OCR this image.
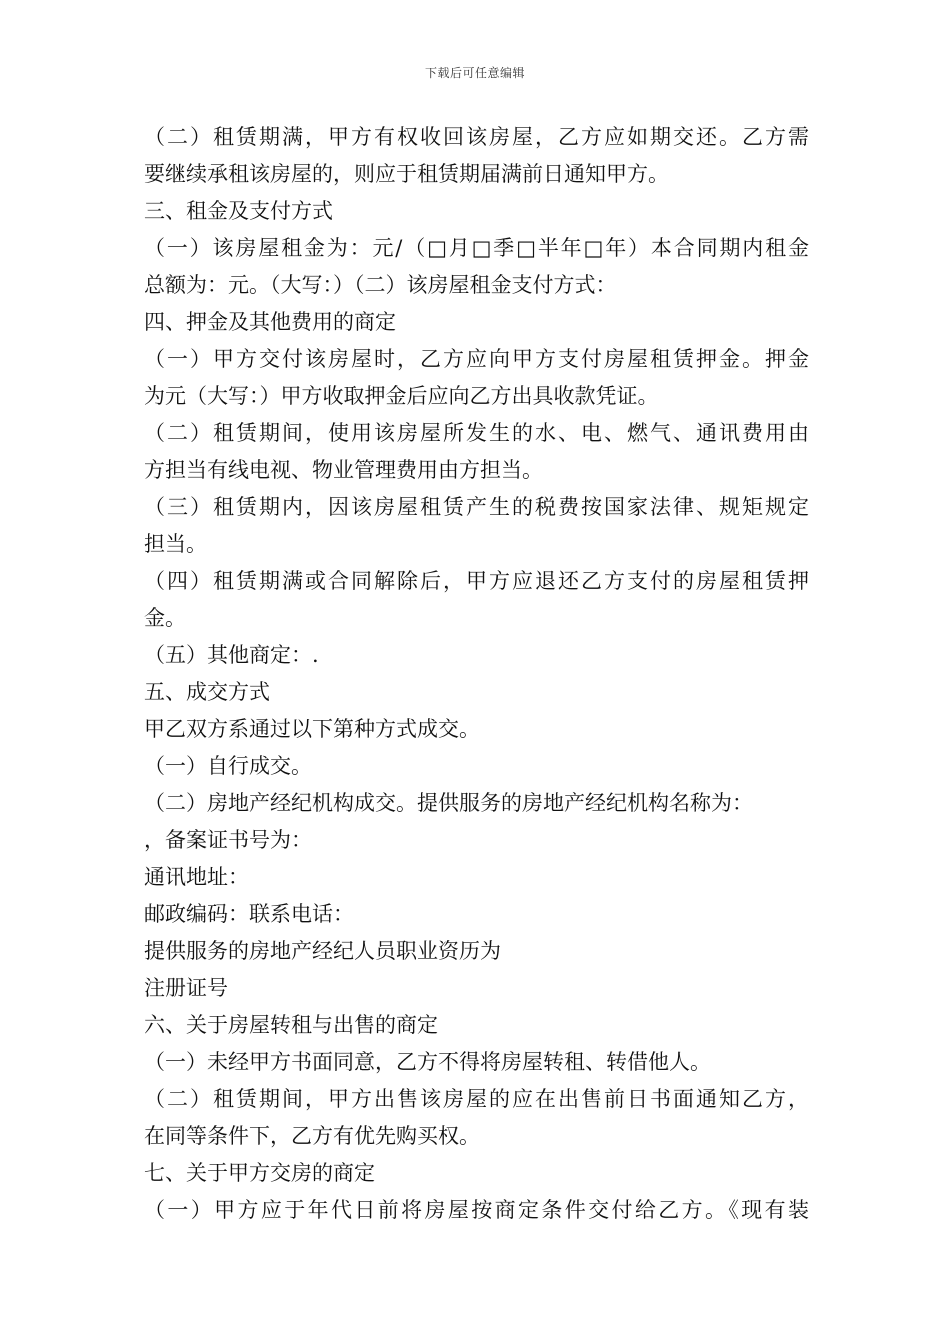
下载后可任意编辑
（二）租赁期满，甲方有权收回该房屋，乙方应如期交还。乙方需
要继续承租该房屋的，则应于租赁期届满前日通知甲方。
三、租金及支付方式
（一）该房屋租金为：元/（□月□季□半年□年）本合同期内租金
总额为：元。（大写：）（二）该房屋租金支付方式：
四、押金及其他费用的商定
（一）甲方交付该房屋时，乙方应向甲方支付房屋租赁押金。押金
为元（大写：）甲方收取押金后应向乙方出具收款凭证。
（二）租赁期间，使用该房屋所发生的水、电、燃气、通讯费用由
方担当有线电视、物业管理费用由方担当。
（三）租赁期内，因该房屋租赁产生的税费按国家法律、规矩规定
担当。
（四）租赁期满或合同解除后，甲方应退还乙方支付的房屋租赁押
金。
（五）其他商定：.
五、成交方式
甲乙双方系通过以下第种方式成交。
（一）自行成交。
（二）房地产经纪机构成交。提供服务的房地产经纪机构名称为：
，备案证书号为：
通讯地址：
邮政编码：联系电话：
提供服务的房地产经纪人员职业资历为
注册证号
六、关于房屋转租与出售的商定
（一）未经甲方书面同意，乙方不得将房屋转租、转借他人。
（二）租赁期间，甲方出售该房屋的应在出售前日书面通知乙方，
在同等条件下，乙方有优先购买权。
七、关于甲方交房的商定
（一）甲方应于年代日前将房屋按商定条件交付给乙方。《现有装
